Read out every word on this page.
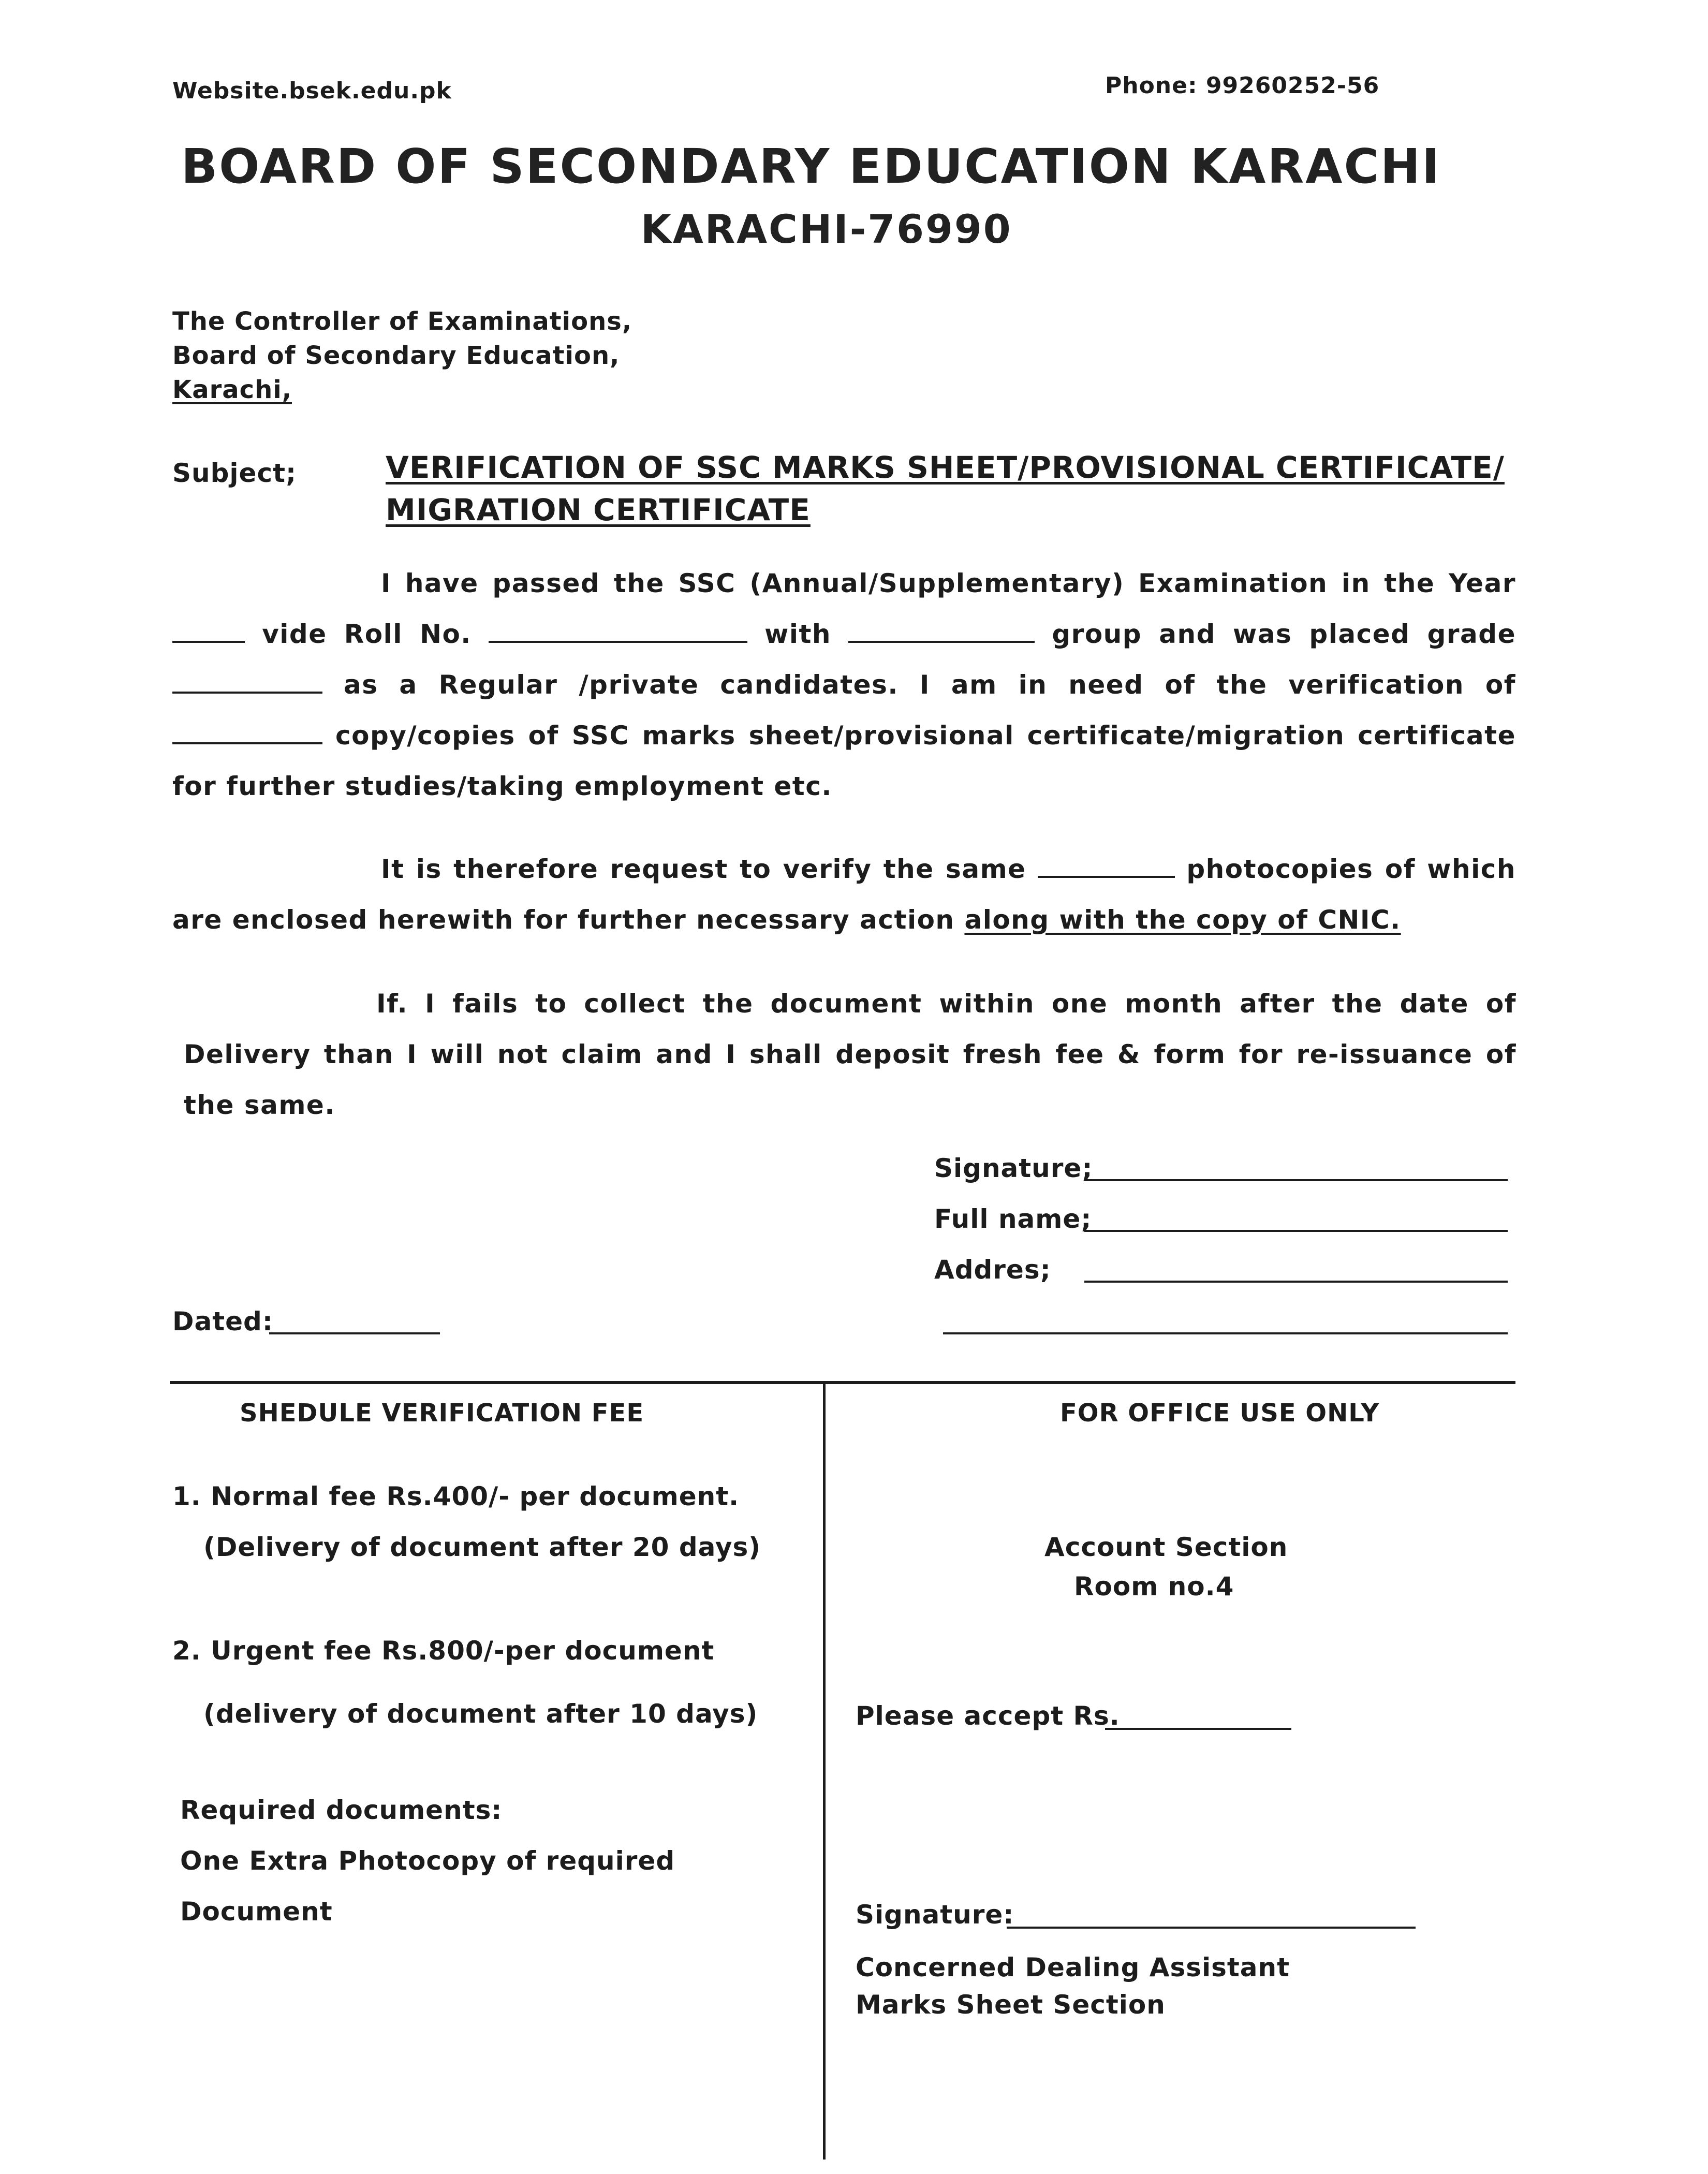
Website.bsek.edu.pk	Phone: 99260252-56
BOARD OF SECONDARY EDUCATION KARACHI
KARACHI-76990
The Controller of Examinations,
Board of Secondary Education,
Karachi,
Subject;	VERIFICATION OF SSC MARKS SHEET/PROVISIONAL CERTIFICATE/
MIGRATION CERTIFICATE
I have passed the SSC (Annual/Supplementary) Examination in the Year  vide Roll No.	with	group and was placed grade  as a Regular /private candidates. I am in need of the verification of  copy/copies of SSC marks sheet/provisional certificate/migration certificate for further studies/taking employment etc.
It is therefore request to verify the same	photocopies of which are enclosed herewith for further necessary action along with the copy of CNIC.
If. I fails to collect the document within one month after the date of Delivery than I will not claim and I shall deposit fresh fee & form for re-issuance of the same.
Signature;
Full name;
Addres;
Dated:
SHEDULE VERIFICATION FEE
1. Normal fee Rs.400/- per document.
(Delivery of document after 20 days)
2. Urgent fee Rs.800/-per document
(delivery of document after 10 days)
Required documents:
One Extra Photocopy of required
Document
FOR OFFICE USE ONLY
Account Section
Room no.4
Please accept Rs.
Signature:
Concerned Dealing Assistant
Marks Sheet Section
